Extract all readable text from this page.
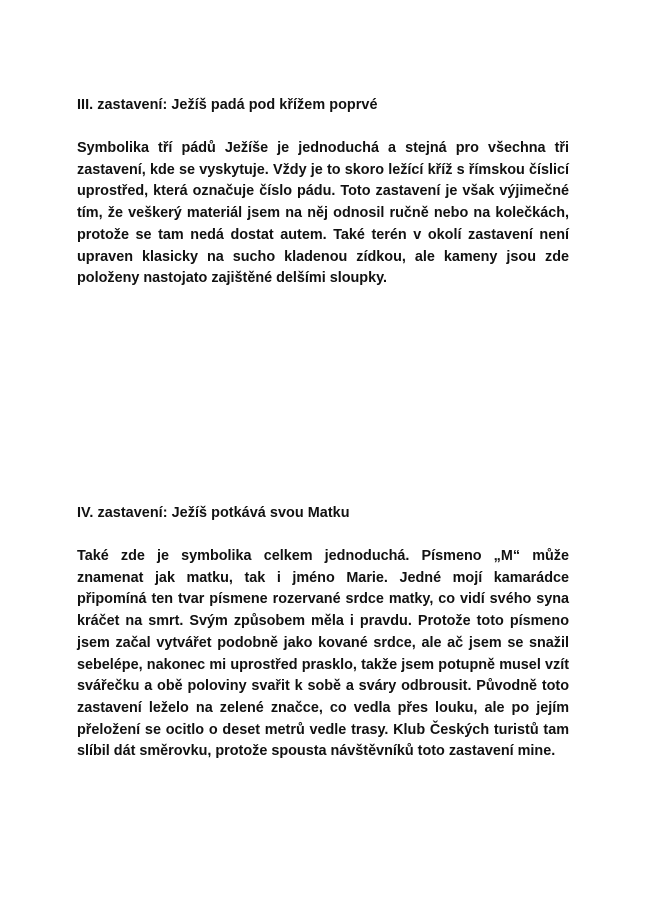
III. zastavení: Ježíš padá pod křížem poprvé

Symbolika tří pádů Ježíše je jednoduchá a stejná pro všechna tři zastavení, kde se vyskytuje. Vždy je to skoro ležící kříž s římskou číslicí uprostřed, která označuje číslo pádu. Toto zastavení je však výjimečné tím, že veškerý materiál jsem na něj odnosil ručně nebo na kolečkách, protože se tam nedá dostat autem. Také terén v okolí zastavení není upraven klasicky na sucho kladenou zídkou, ale kameny jsou zde položeny nastojato zajištěné delšími sloupky.

IV. zastavení: Ježíš potkává svou Matku

Také zde je symbolika celkem jednoduchá. Písmeno „M“ může znamenat jak matku, tak i jméno Marie. Jedné mojí kamarádce připomíná ten tvar písmene rozervané srdce matky, co vidí svého syna kráčet na smrt. Svým způsobem měla i pravdu. Protože toto písmeno jsem začal vytvářet podobně jako kované srdce, ale ač jsem se snažil sebelépe, nakonec mi uprostřed prasklo, takže jsem potupně musel vzít svářečku a obě poloviny svařit k sobě a sváry odbrousit. Původně toto zastavení leželo na zelené značce, co vedla přes louku, ale po jejím přeložení se ocitlo o deset metrů vedle trasy. Klub Českých turistů tam slíbil dát směrovku, protože spousta návštěvníků toto zastavení mine.
